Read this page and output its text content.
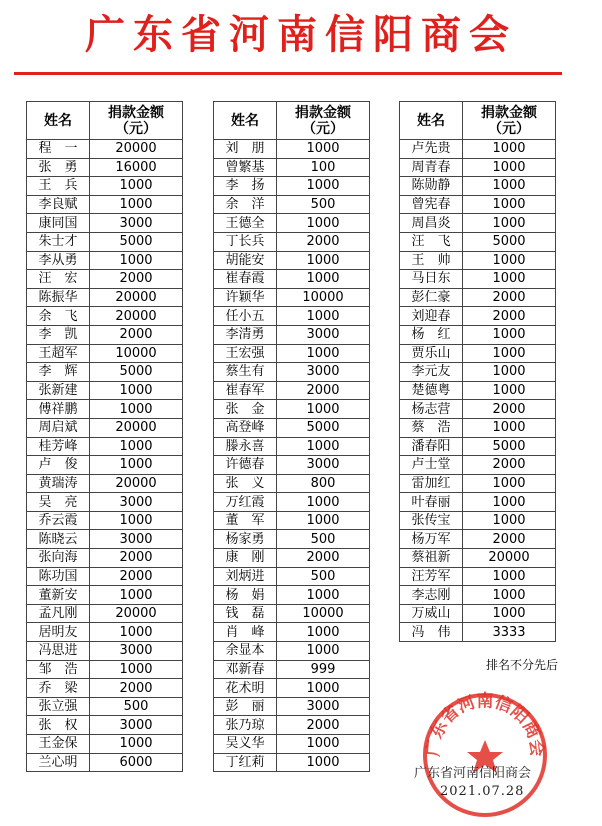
广东省河南信阳商会
姓名	捐款金额
（元）

程　一	20000
张　勇	16000
王　兵	1000
李良赋	1000
康同国	3000
朱士才	5000
李从勇	1000
汪　宏	2000
陈振华	20000
余　飞	20000
李　凯	2000
王超军	10000
李　辉	5000
张新建	1000
傅祥鹏	1000
周启斌	20000
桂芳峰	1000
卢　俊	1000
黄瑞涛	20000
吴　亮	3000
乔云霞	1000
陈晓云	3000
张向海	2000
陈功国	2000
董新安	1000
孟凡刚	20000
居明友	1000
冯思进	3000
邹　浩	1000
乔　梁	2000
张立强	500
张　权	3000
王金保	1000
兰心明	6000
姓名	捐款金额
（元）

刘　朋	1000
曾繁基	100
李　扬	1000
余　洋	500
王德全	1000
丁长兵	2000
胡能安	1000
崔春霞	1000
许颖华	10000
任小五	1000
李清勇	3000
王宏强	1000
蔡生有	3000
崔春军	2000
张　金	1000
高登峰	5000
滕永喜	1000
许德春	3000
张　义	800
万红霞	1000
董　军	1000
杨家勇	500
康　刚	2000
刘炳进	500
杨　娟	1000
钱　磊	10000
肖　峰	1000
余显本	1000
邓新春	999
花术明	1000
彭　丽	3000
张乃琼	2000
吴义华	1000
丁红莉	1000
姓名	捐款金额
（元）

卢先贵	1000
周青春	1000
陈勋静	1000
曾宪春	1000
周昌炎	1000
汪　飞	5000
王　帅	1000
马日东	1000
彭仁豪	2000
刘迎春	2000
杨　红	1000
贾乐山	1000
李元友	1000
楚德粤	1000
杨志营	2000
蔡　浩	1000
潘春阳	5000
卢士堂	2000
雷加红	1000
叶春丽	1000
张传宝	1000
杨万军	2000
蔡祖新	20000
汪芳军	1000
李志刚	1000
万威山	1000
冯　伟	3333
排名不分先后
广东省河南信阳商会
广东省河南信阳商会
2021.07.28
